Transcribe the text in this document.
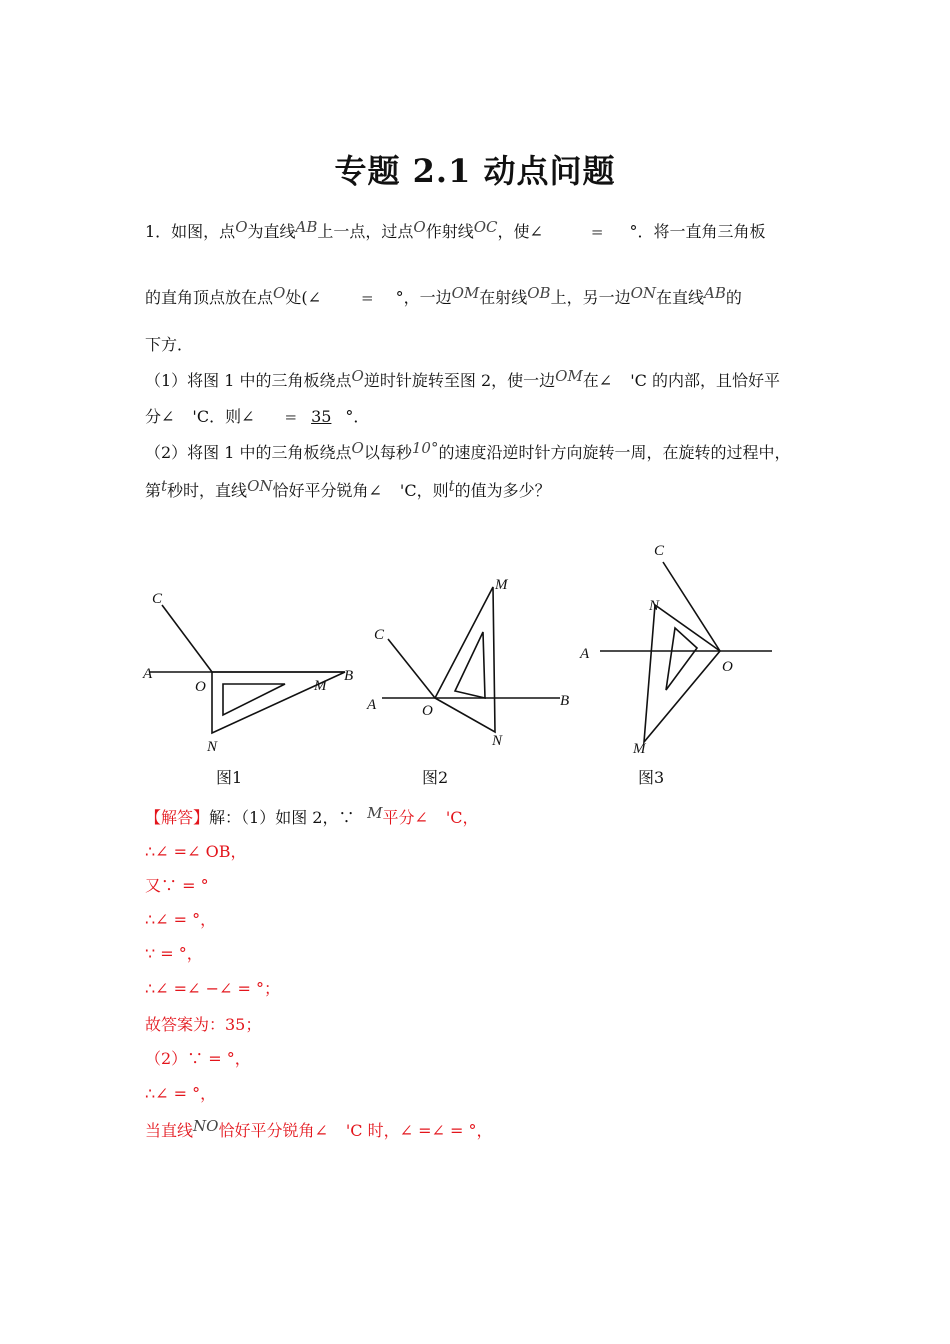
专题 2.1 动点问题
1．如图，点O为直线AB上一点，过点O作射线OC，使∠	= °．将一直角三角板
的直角顶点放在点O处(∠	= °，一边OM在射线OB上，另一边ON在直线AB的
下方．
（1）将图 1 中的三角板绕点O逆时针旋转至图 2，使一边OM在∠ 'C 的内部，且恰好平
分∠ 'C．则∠ = 35 °．
（2）将图 1 中的三角板绕点O以每秒10°的速度沿逆时针方向旋转一周，在旋转的过程中，
第t秒时，直线ON恰好平分锐角∠ 'C，则t的值为多少？
C
A
O	M
B
N
C
A	O
M
B
N
C
A
O
N
M
图1	图2	图3
【解答】解：（1）如图 2，∵ M平分∠ 'C，
∴∠ =∠ OB，
又∵ = °
∴∠ = °，
∵ = °，
∴∠ =∠ −∠ = °；
故答案为：35；
（2）∵ = °，
∴∠ = °，
当直线NO恰好平分锐角∠ 'C 时，∠ =∠ = °，
